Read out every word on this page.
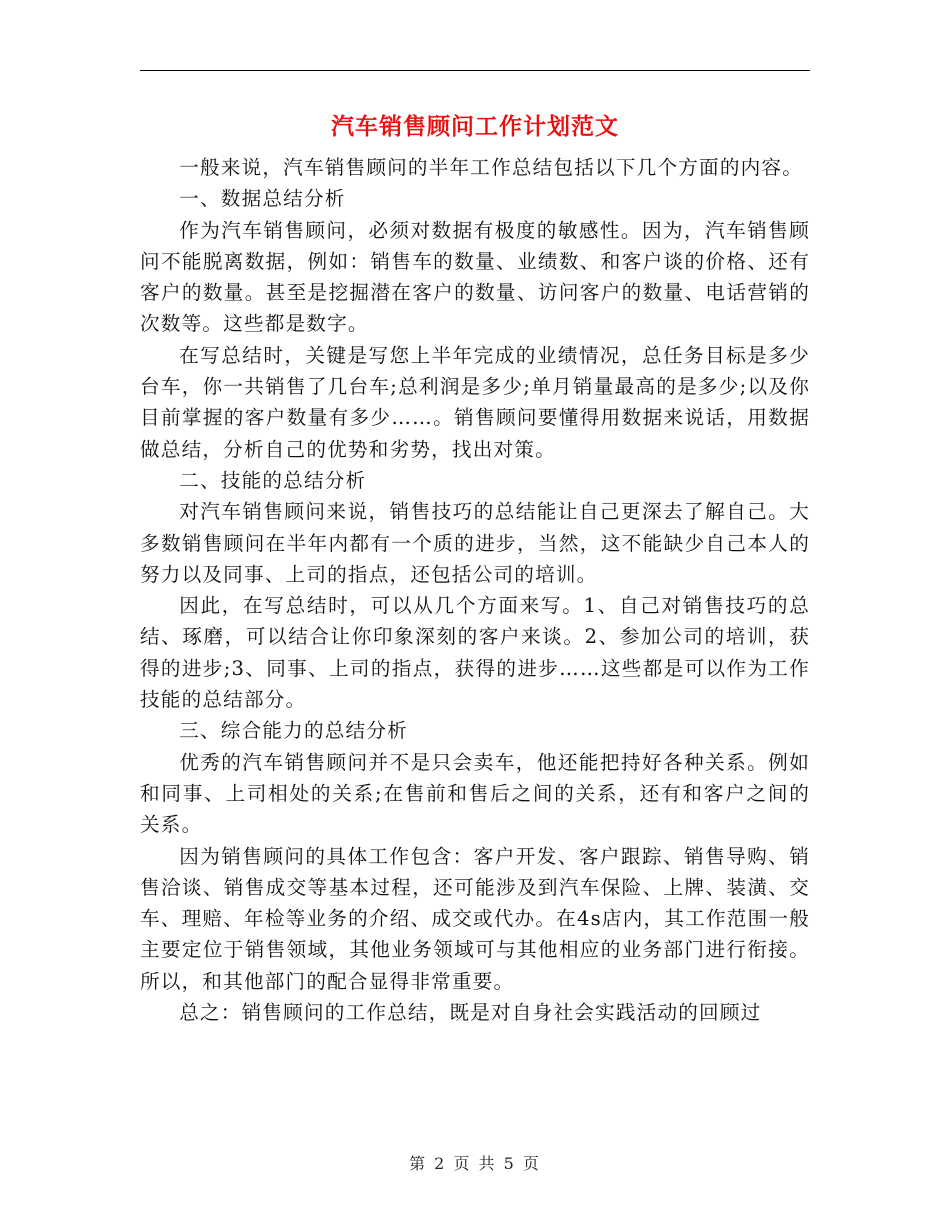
汽车销售顾问工作计划范文

一般来说，汽车销售顾问的半年工作总结包括以下几个方面的内容。

一、数据总结分析

作为汽车销售顾问，必须对数据有极度的敏感性。因为，汽车销售顾问不能脱离数据，例如：销售车的数量、业绩数、和客户谈的价格、还有客户的数量。甚至是挖掘潜在客户的数量、访问客户的数量、电话营销的次数等。这些都是数字。

在写总结时，关键是写您上半年完成的业绩情况，总任务目标是多少台车，你一共销售了几台车;总利润是多少;单月销量最高的是多少;以及你目前掌握的客户数量有多少……。销售顾问要懂得用数据来说话，用数据做总结，分析自己的优势和劣势，找出对策。

二、技能的总结分析

对汽车销售顾问来说，销售技巧的总结能让自己更深去了解自己。大多数销售顾问在半年内都有一个质的进步，当然，这不能缺少自己本人的努力以及同事、上司的指点，还包括公司的培训。

因此，在写总结时，可以从几个方面来写。1、自己对销售技巧的总结、琢磨，可以结合让你印象深刻的客户来谈。2、参加公司的培训，获得的进步;3、同事、上司的指点，获得的进步……这些都是可以作为工作技能的总结部分。

三、综合能力的总结分析

优秀的汽车销售顾问并不是只会卖车，他还能把持好各种关系。例如和同事、上司相处的关系;在售前和售后之间的关系，还有和客户之间的关系。

因为销售顾问的具体工作包含：客户开发、客户跟踪、销售导购、销售洽谈、销售成交等基本过程，还可能涉及到汽车保险、上牌、装潢、交车、理赔、年检等业务的介绍、成交或代办。在4s店内，其工作范围一般主要定位于销售领域，其他业务领域可与其他相应的业务部门进行衔接。所以，和其他部门的配合显得非常重要。

总之：销售顾问的工作总结，既是对自身社会实践活动的回顾过

第 2 页 共 5 页
